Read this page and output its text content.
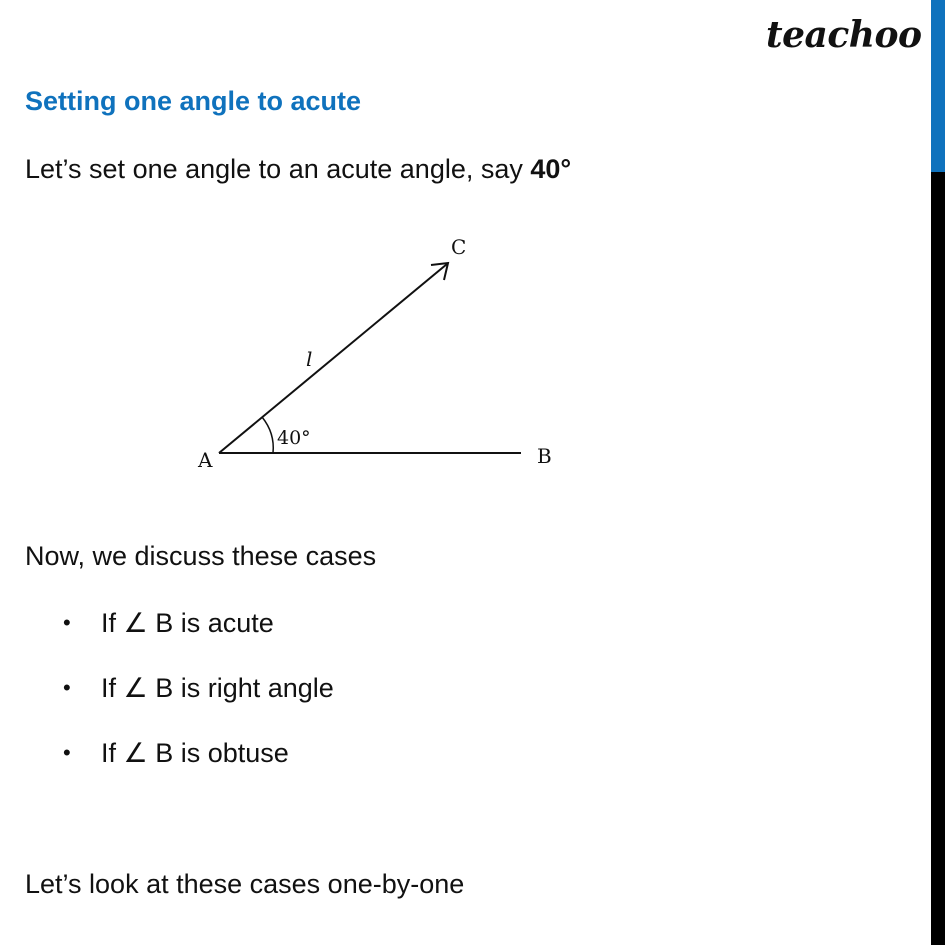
teachoo
Setting one angle to acute
Let’s set one angle to an acute angle, say 40°
A	B
C
l
40°
Now, we discuss these cases
• If ∠ B is acute
• If ∠ B is right angle
• If ∠ B is obtuse
Let’s look at these cases one-by-one
